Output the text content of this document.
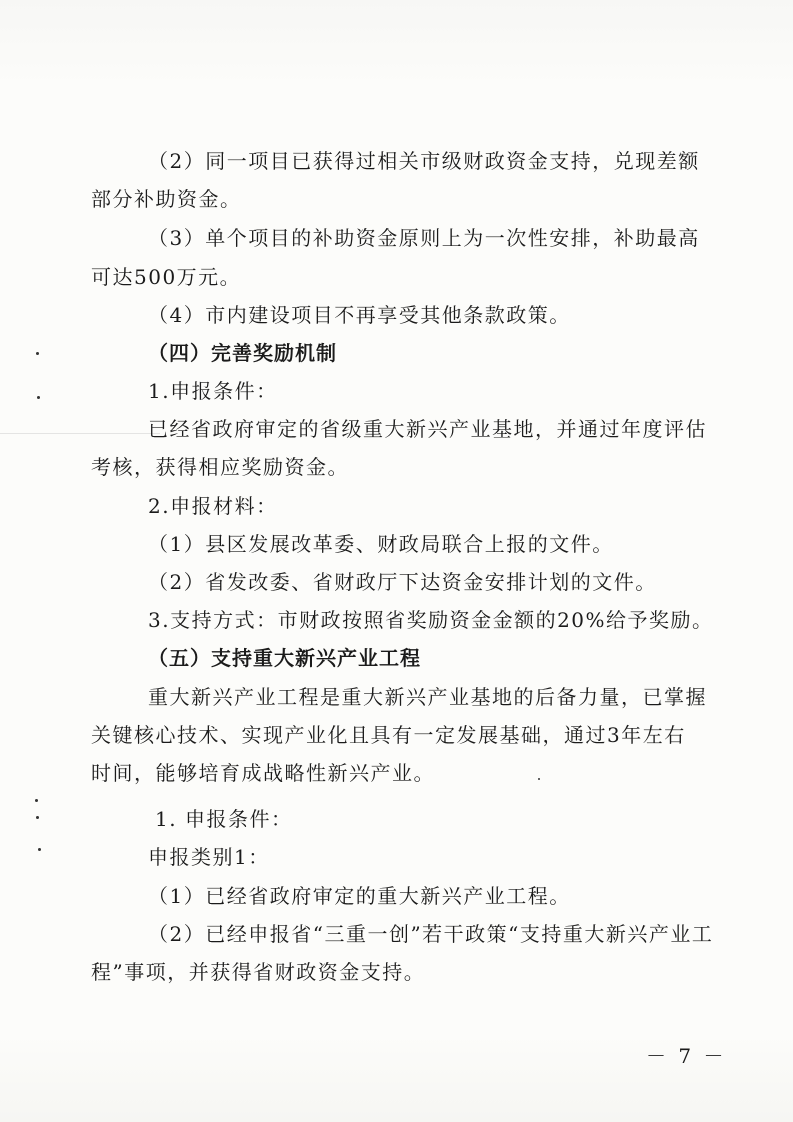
（2）同一项目已获得过相关市级财政资金支持，兑现差额
部分补助资金。
（3）单个项目的补助资金原则上为一次性安排，补助最高
可达500万元。
（4）市内建设项目不再享受其他条款政策。
（四）完善奖励机制
1.申报条件：
已经省政府审定的省级重大新兴产业基地，并通过年度评估
考核，获得相应奖励资金。
2.申报材料：
（1）县区发展改革委、财政局联合上报的文件。
（2）省发改委、省财政厅下达资金安排计划的文件。
3.支持方式：市财政按照省奖励资金金额的20%给予奖励。
（五）支持重大新兴产业工程
重大新兴产业工程是重大新兴产业基地的后备力量，已掌握
关键核心技术、实现产业化且具有一定发展基础，通过3年左右
时间，能够培育成战略性新兴产业。
1. 申报条件：
申报类别1：
（1）已经省政府审定的重大新兴产业工程。
（2）已经申报省“三重一创”若干政策“支持重大新兴产业工
程”事项，并获得省财政资金支持。
－ 7 －
